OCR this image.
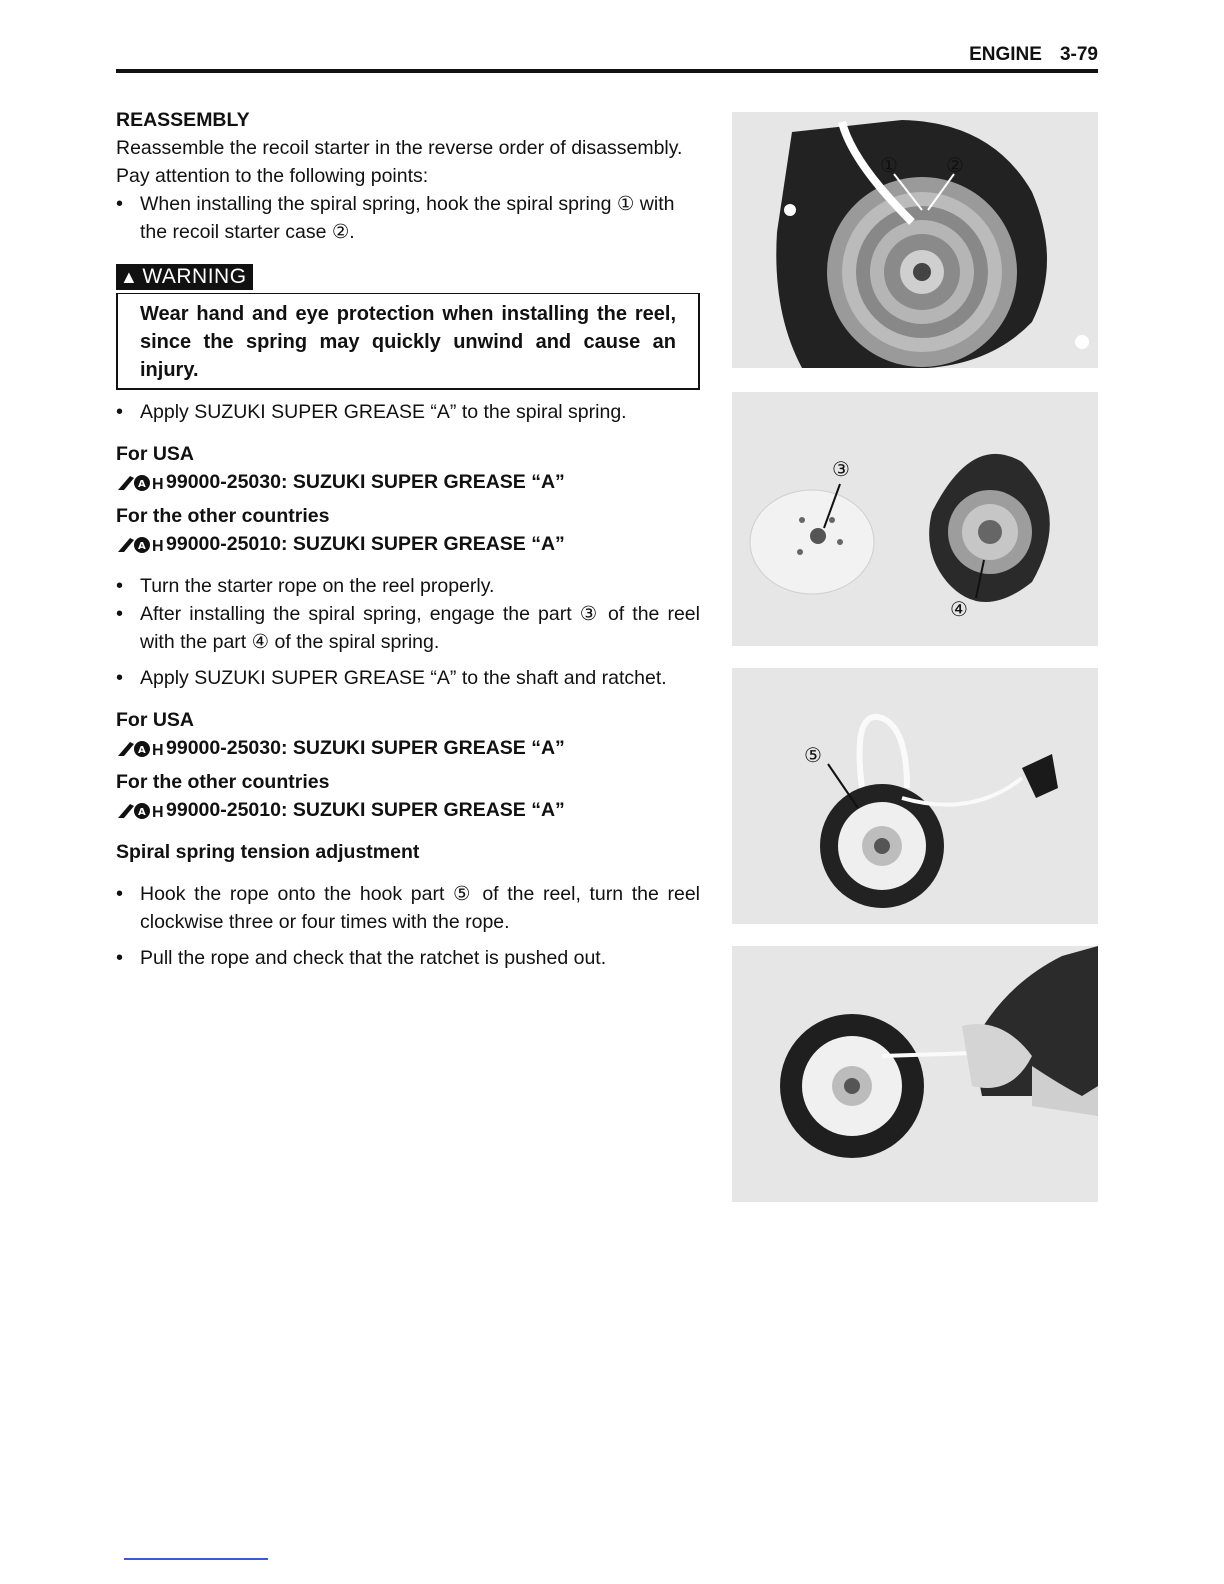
ENGINE 3-79

REASSEMBLY

Reassemble the recoil starter in the reverse order of disassembly. Pay attention to the following points:

• When installing the spiral spring, hook the spiral spring ① with the recoil starter case ②.

▲ WARNING
Wear hand and eye protection when installing the reel, since the spring may quickly unwind and cause an injury.

• Apply SUZUKI SUPER GREASE “A” to the spiral spring.

For USA

A H 99000-25030: SUZUKI SUPER GREASE “A”

For the other countries

A H 99000-25010: SUZUKI SUPER GREASE “A”

• Turn the starter rope on the reel properly.

• After installing the spiral spring, engage the part ③ of the reel with the part ④ of the spiral spring.

• Apply SUZUKI SUPER GREASE “A” to the shaft and ratchet.

For USA

A H 99000-25030: SUZUKI SUPER GREASE “A”

For the other countries

A H 99000-25010: SUZUKI SUPER GREASE “A”

Spiral spring tension adjustment

• Hook the rope onto the hook part ⑤ of the reel, turn the reel clockwise three or four times with the rope.

• Pull the rope and check that the ratchet is pushed out.

① ②
③
④
⑤
